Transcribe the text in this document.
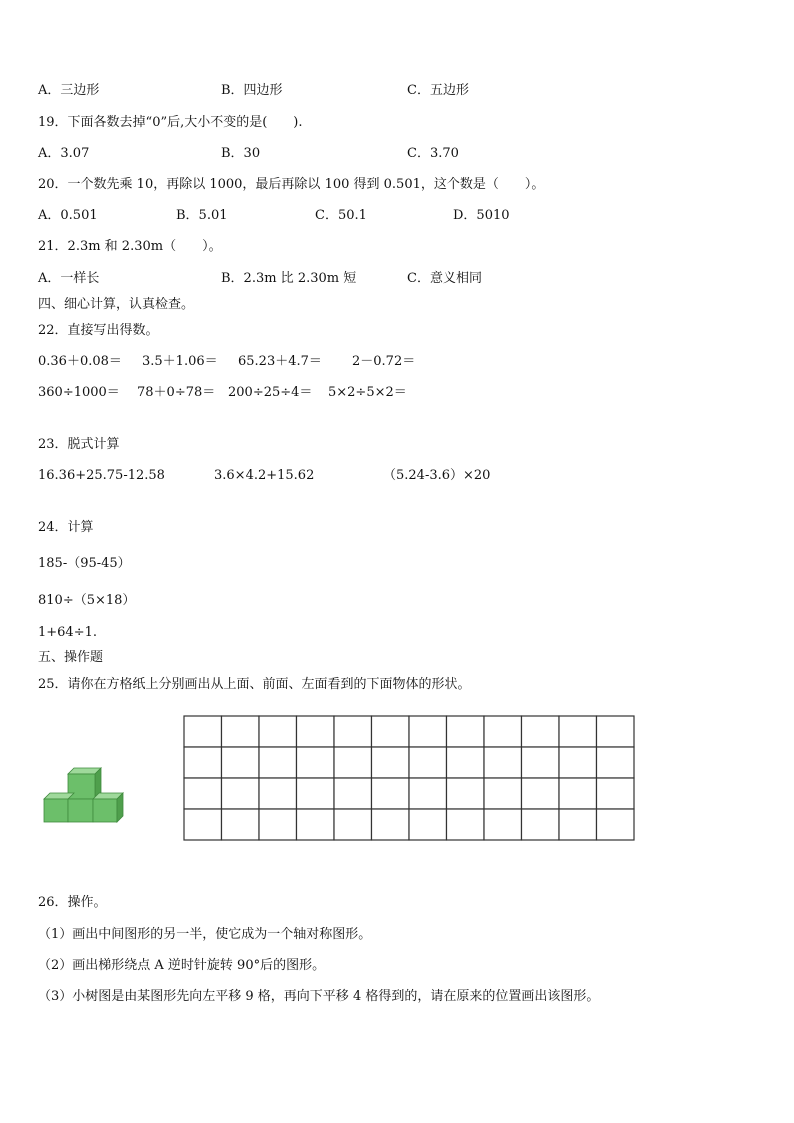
A．三边形	B．四边形	C．五边形
19．下面各数去掉“0”后,大小不变的是(　　).
A．3.07	B．30	C．3.70
20．一个数先乘 10，再除以 1000，最后再除以 100 得到 0.501，这个数是（　　）。
A．0.501	B．5.01	C．50.1	D．5010
21．2.3m 和 2.30m（　　）。
A．一样长	B．2.3m 比 2.30m 短	C．意义相同
四、细心计算，认真检查。
22．直接写出得数。
0.36＋0.08＝ 3.5＋1.06＝ 65.23＋4.7＝ 2－0.72＝
360÷1000＝ 78＋0÷78＝ 200÷25÷4＝ 5×2÷5×2＝
23．脱式计算
16.36+25.75-12.58	3.6×4.2+15.62	（5.24-3.6）×20
24．计算
185-（95-45）
810÷（5×18）
1+64÷1.
五、操作题
25．请你在方格纸上分别画出从上面、前面、左面看到的下面物体的形状。
26．操作。
（1）画出中间图形的另一半，使它成为一个轴对称图形。
（2）画出梯形绕点 A 逆时针旋转 90°后的图形。
（3）小树图是由某图形先向左平移 9 格，再向下平移 4 格得到的，请在原来的位置画出该图形。
